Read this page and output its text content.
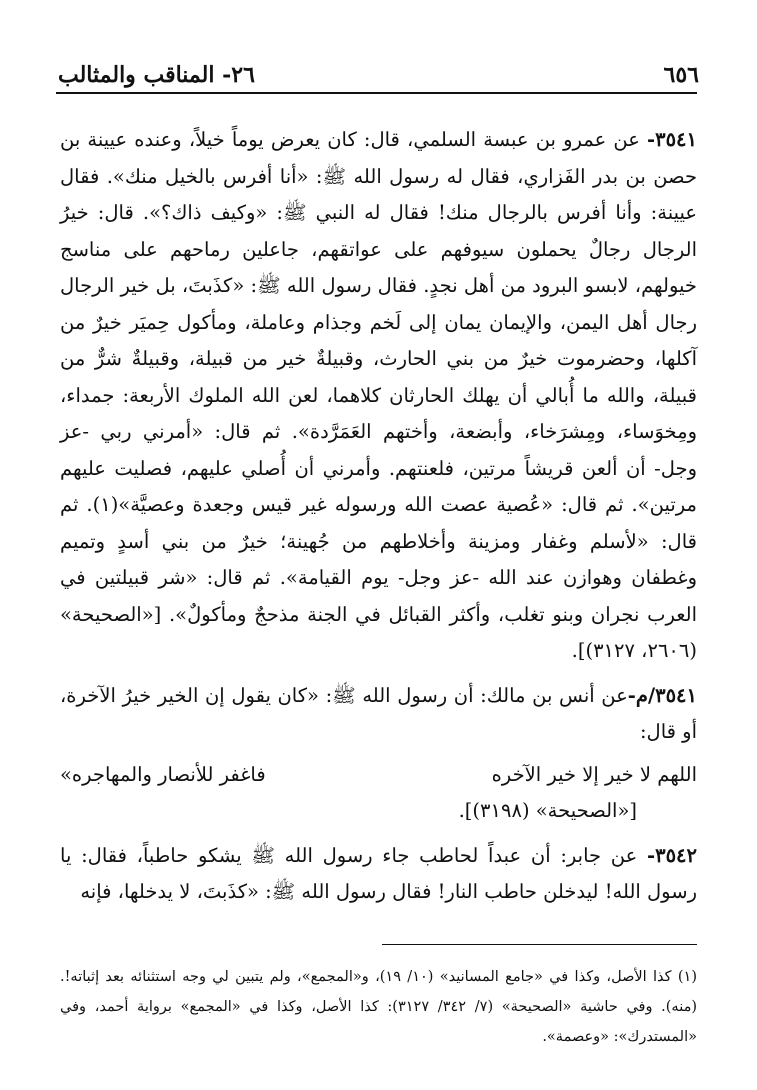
٢٦- المناقب والمثالب	٦٥٦

٣٥٤١- عن عمرو بن عبسة السلمي، قال: كان يعرض يوماً خيلاً، وعنده عيينة بن حصن بن بدر الفَزاري، فقال له رسول الله ﷺ: «أنا أفرس بالخيل منك». فقال عيينة: وأنا أفرس بالرجال منك! فقال له النبي ﷺ: «وكيف ذاك؟». قال: خيرُ الرجال رجالٌ يحملون سيوفهم على عواتقهم، جاعلين رماحهم على مناسج خيولهم، لابسو البرود من أهل نجدٍ. فقال رسول الله ﷺ: «كذَبتَ، بل خير الرجال رجال أهل اليمن، والإيمان يمان إلى لَخم وجذام وعاملة، ومأكول حِميَر خيرٌ من آكلها، وحضرموت خيرٌ من بني الحارث، وقبيلةٌ خير من قبيلة، وقبيلةٌ شرٌّ من قبيلة، والله ما أُبالي أن يهلك الحارثان كلاهما، لعن الله الملوك الأربعة: جمداء، ومِخوَساء، ومِشرَخاء، وأبضعة، وأختهم العَمَرَّدة». ثم قال: «أمرني ربي -عز وجل- أن ألعن قريشاً مرتين، فلعنتهم. وأمرني أن أُصلي عليهم، فصليت عليهم مرتين». ثم قال: «عُصية عصت الله ورسوله غير قيس وجعدة وعصيَّة»(١). ثم قال: «لأسلم وغفار ومزينة وأخلاطهم من جُهينة؛ خيرٌ من بني أسدٍ وتميم وغطفان وهوازن عند الله -عز وجل- يوم القيامة». ثم قال: «شر قبيلتين في العرب نجران وبنو تغلب، وأكثر القبائل في الجنة مذحجٌ ومأكولٌ». [«الصحيحة» (٢٦٠٦، ٣١٢٧)].

٣٥٤١/م-عن أنس بن مالك: أن رسول الله ﷺ: «كان يقول إن الخير خيرُ الآخرة، أو قال:

اللهم لا خير إلا خير الآخره
فاغفر للأنصار والمهاجره»

[«الصحيحة» (٣١٩٨)].

٣٥٤٢- عن جابر: أن عبداً لحاطب جاء رسول الله ﷺ يشكو حاطباً، فقال: يا رسول الله! ليدخلن حاطب النار! فقال رسول الله ﷺ: «كذَبتَ، لا يدخلها، فإنه

(١) كذا الأصل، وكذا في «جامع المسانيد» (١٠/ ١٩)، و«المجمع»، ولم يتبين لي وجه استثنائه بعد إثباته!. (منه). وفي حاشية «الصحيحة» (٧/ ٣٤٢/ ٣١٢٧): كذا الأصل، وكذا في «المجمع» برواية أحمد، وفي «المستدرك»: «وعصمة».
